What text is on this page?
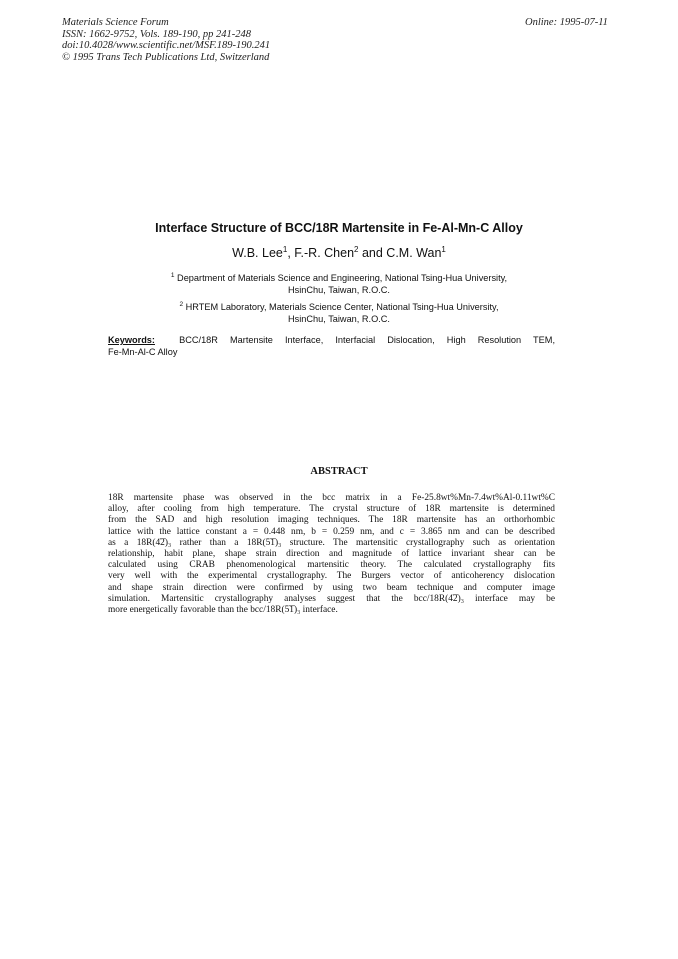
Materials Science Forum
ISSN: 1662-9752, Vols. 189-190, pp 241-248
doi:10.4028/www.scientific.net/MSF.189-190.241
© 1995 Trans Tech Publications Ltd, Switzerland
Online: 1995-07-11
Interface Structure of BCC/18R Martensite in Fe-Al-Mn-C Alloy
W.B. Lee$^1$, F.-R. Chen$^2$ and C.M. Wan$^1$
$^1$ Department of Materials Science and Engineering, National Tsing-Hua University,
HsinChu, Taiwan, R.O.C.
$^2$ HRTEM Laboratory, Materials Science Center, National Tsing-Hua University,
HsinChu, Taiwan, R.O.C.
Keywords:	BCC/18R Martensite Interface, Interfacial Dislocation, High Resolution TEM,
Fe-Mn-Al-C Alloy
ABSTRACT
18R martensite phase was observed in the bcc matrix in a Fe-25.8wt%Mn-7.4wt%Al-0.11wt%C
alloy, after cooling from high temperature. The crystal structure of 18R martensite is determined
from the SAD and high resolution imaging techniques. The 18R martensite has an orthorhombic
lattice with the lattice constant a = 0.448 nm, b = 0.259 nm, and c = 3.865 nm and can be described
as a 18R(4͞2)₃ rather than a 18R(5͞1)₃ structure. The martensitic crystallography such as orientation
relationship, habit plane, shape strain direction and magnitude of lattice invariant shear can be
calculated using CRAB phenomenological martensitic theory. The calculated crystallography fits
very well with the experimental crystallography. The Burgers vector of anticoherency dislocation
and shape strain direction were confirmed by using two beam technique and computer image
simulation. Martensitic crystallography analyses suggest that the bcc/18R(4͞2)₃ interface may be
more energetically favorable than the bcc/18R(5͞1)₃ interface.
